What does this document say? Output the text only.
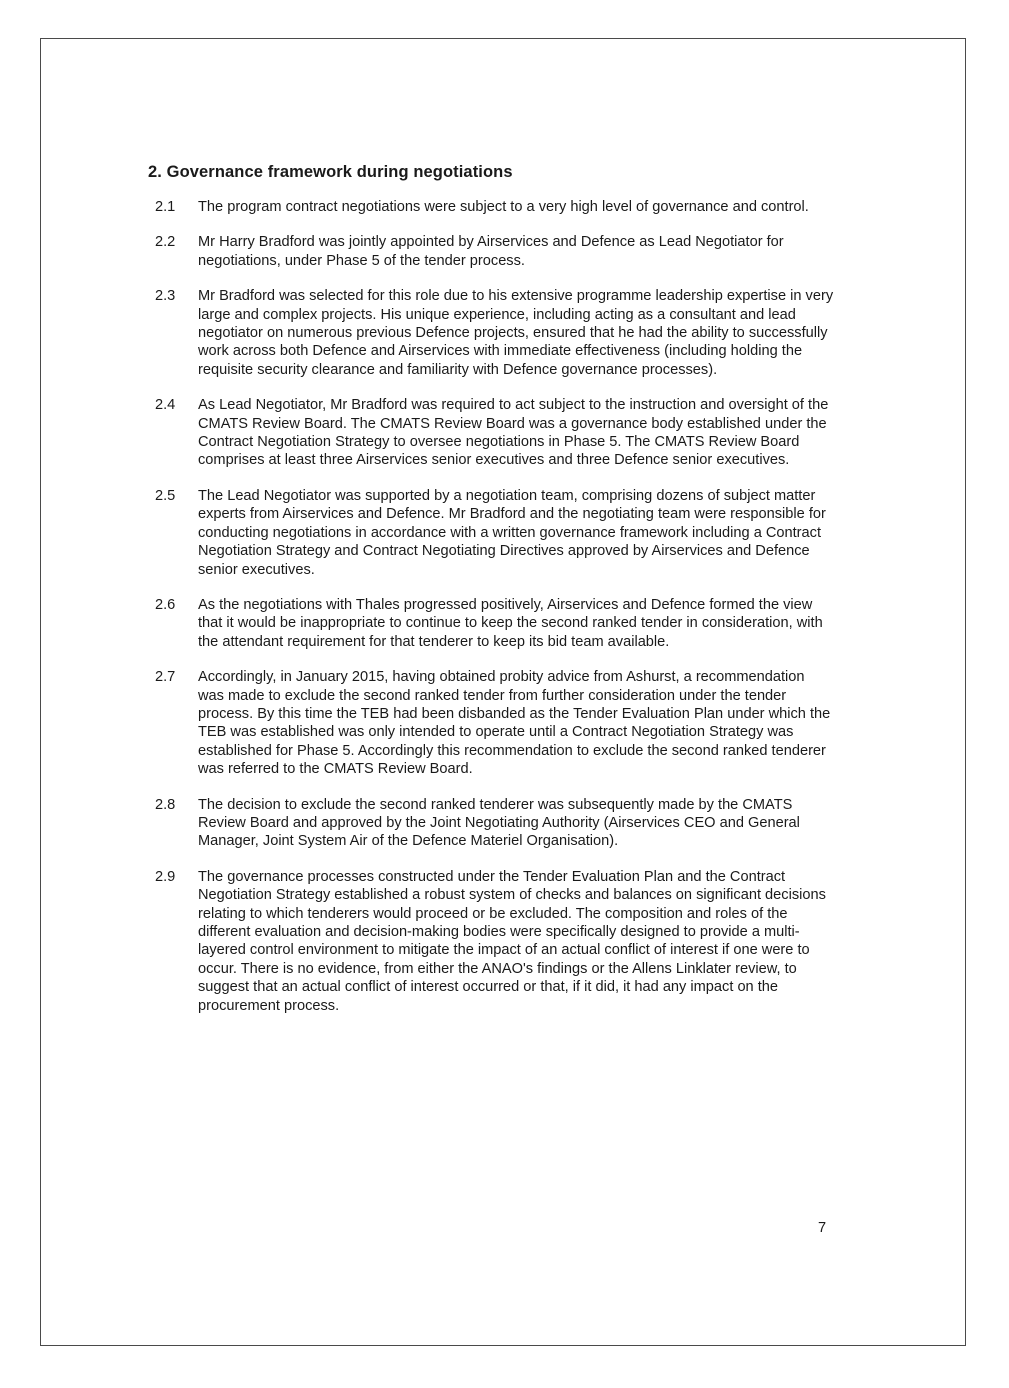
2. Governance framework during negotiations
2.1	The program contract negotiations were subject to a very high level of governance and control.
2.2	Mr Harry Bradford was jointly appointed by Airservices and Defence as Lead Negotiator for negotiations, under Phase 5 of the tender process.
2.3	Mr Bradford was selected for this role due to his extensive programme leadership expertise in very large and complex projects. His unique experience, including acting as a consultant and lead negotiator on numerous previous Defence projects, ensured that he had the ability to successfully work across both Defence and Airservices with immediate effectiveness (including holding the requisite security clearance and familiarity with Defence governance processes).
2.4	As Lead Negotiator, Mr Bradford was required to act subject to the instruction and oversight of the CMATS Review Board. The CMATS Review Board was a governance body established under the Contract Negotiation Strategy to oversee negotiations in Phase 5. The CMATS Review Board comprises at least three Airservices senior executives and three Defence senior executives.
2.5	The Lead Negotiator was supported by a negotiation team, comprising dozens of subject matter experts from Airservices and Defence. Mr Bradford and the negotiating team were responsible for conducting negotiations in accordance with a written governance framework including a Contract Negotiation Strategy and Contract Negotiating Directives approved by Airservices and Defence senior executives.
2.6	As the negotiations with Thales progressed positively, Airservices and Defence formed the view that it would be inappropriate to continue to keep the second ranked tender in consideration, with the attendant requirement for that tenderer to keep its bid team available.
2.7	Accordingly, in January 2015, having obtained probity advice from Ashurst, a recommendation was made to exclude the second ranked tender from further consideration under the tender process. By this time the TEB had been disbanded as the Tender Evaluation Plan under which the TEB was established was only intended to operate until a Contract Negotiation Strategy was established for Phase 5. Accordingly this recommendation to exclude the second ranked tenderer was referred to the CMATS Review Board.
2.8	The decision to exclude the second ranked tenderer was subsequently made by the CMATS Review Board and approved by the Joint Negotiating Authority (Airservices CEO and General Manager, Joint System Air of the Defence Materiel Organisation).
2.9	The governance processes constructed under the Tender Evaluation Plan and the Contract Negotiation Strategy established a robust system of checks and balances on significant decisions relating to which tenderers would proceed or be excluded. The composition and roles of the different evaluation and decision-making bodies were specifically designed to provide a multi-layered control environment to mitigate the impact of an actual conflict of interest if one were to occur. There is no evidence, from either the ANAO's findings or the Allens Linklater review, to suggest that an actual conflict of interest occurred or that, if it did, it had any impact on the procurement process.
7
